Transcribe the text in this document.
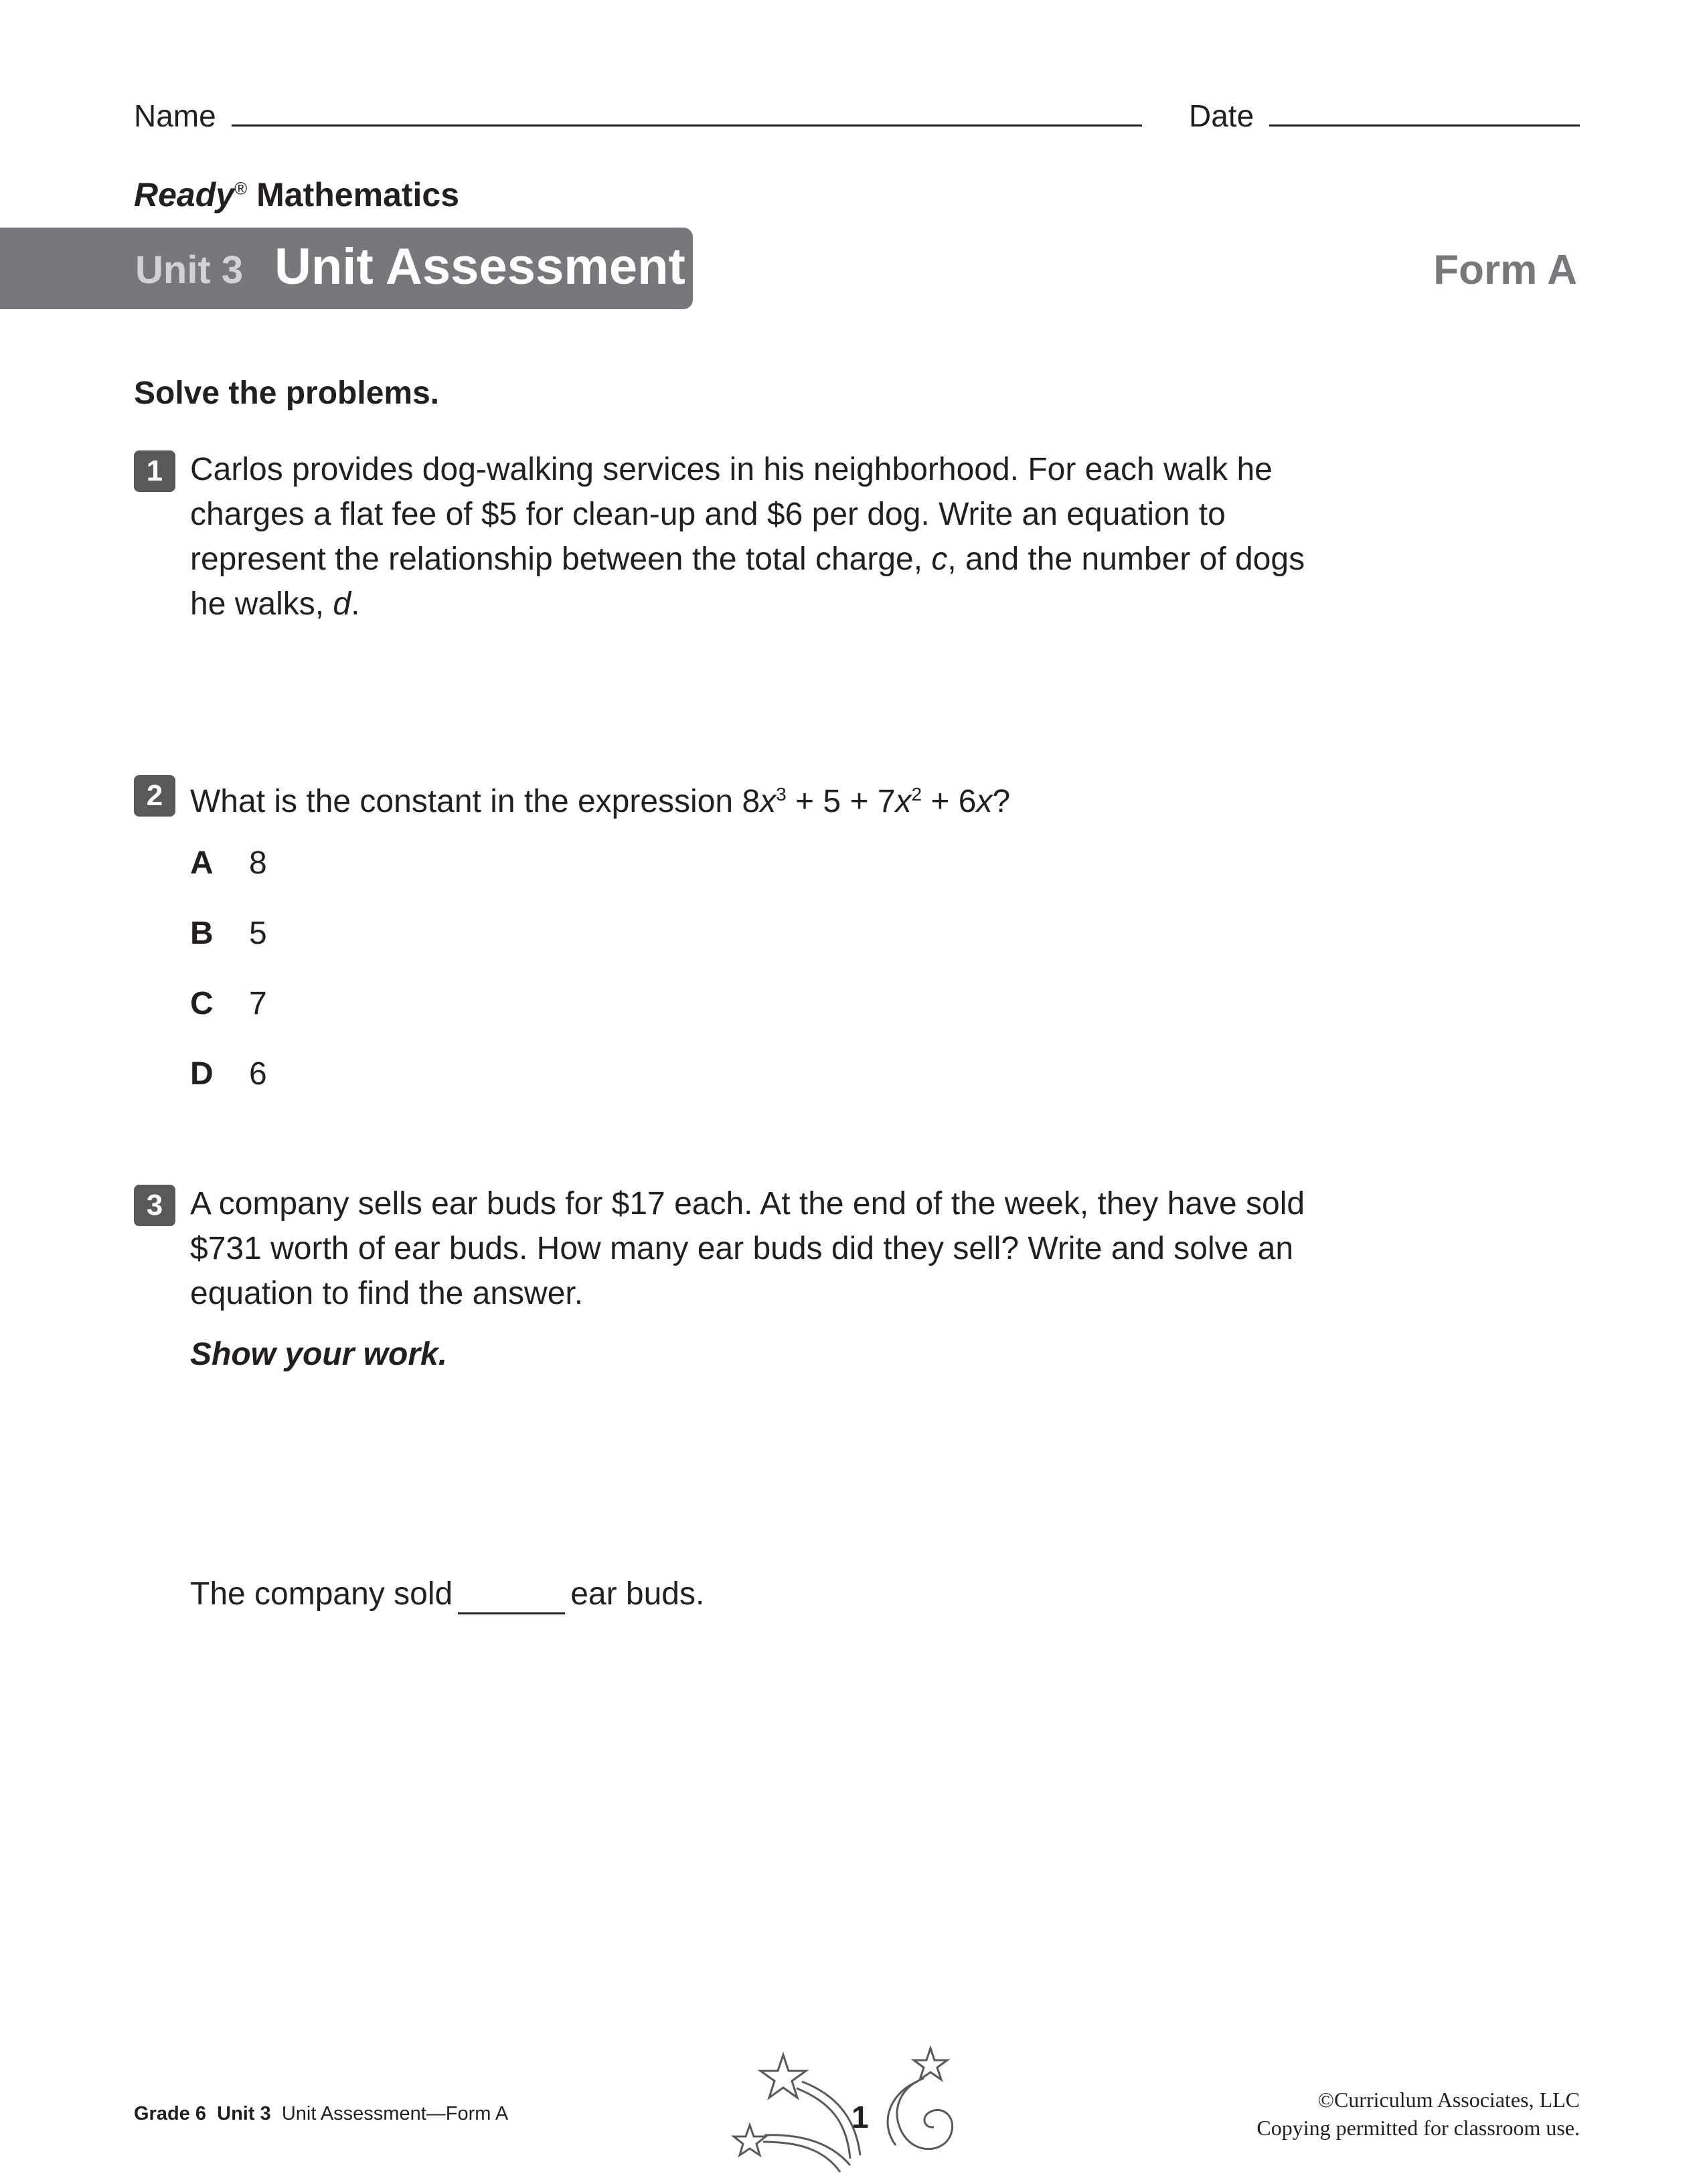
Name	Date
Ready® Mathematics
Unit 3 Unit Assessment	Form A
Solve the problems.
1 Carlos provides dog-walking services in his neighborhood. For each walk he
charges a flat fee of $5 for clean-up and $6 per dog. Write an equation to
represent the relationship between the total charge, c, and the number of dogs
he walks, d.
2 What is the constant in the expression $8x^3 + 5 + 7x^2 + 6x$?
A 8
B 5
C 7
D 6
3 A company sells ear buds for $17 each. At the end of the week, they have sold
$731 worth of ear buds. How many ear buds did they sell? Write and solve an
equation to find the answer.
Show your work.
The company sold	ear buds.
Grade 6 Unit 3 Unit Assessment—Form A	1	©Curriculum Associates, LLC
Copying permitted for classroom use.
